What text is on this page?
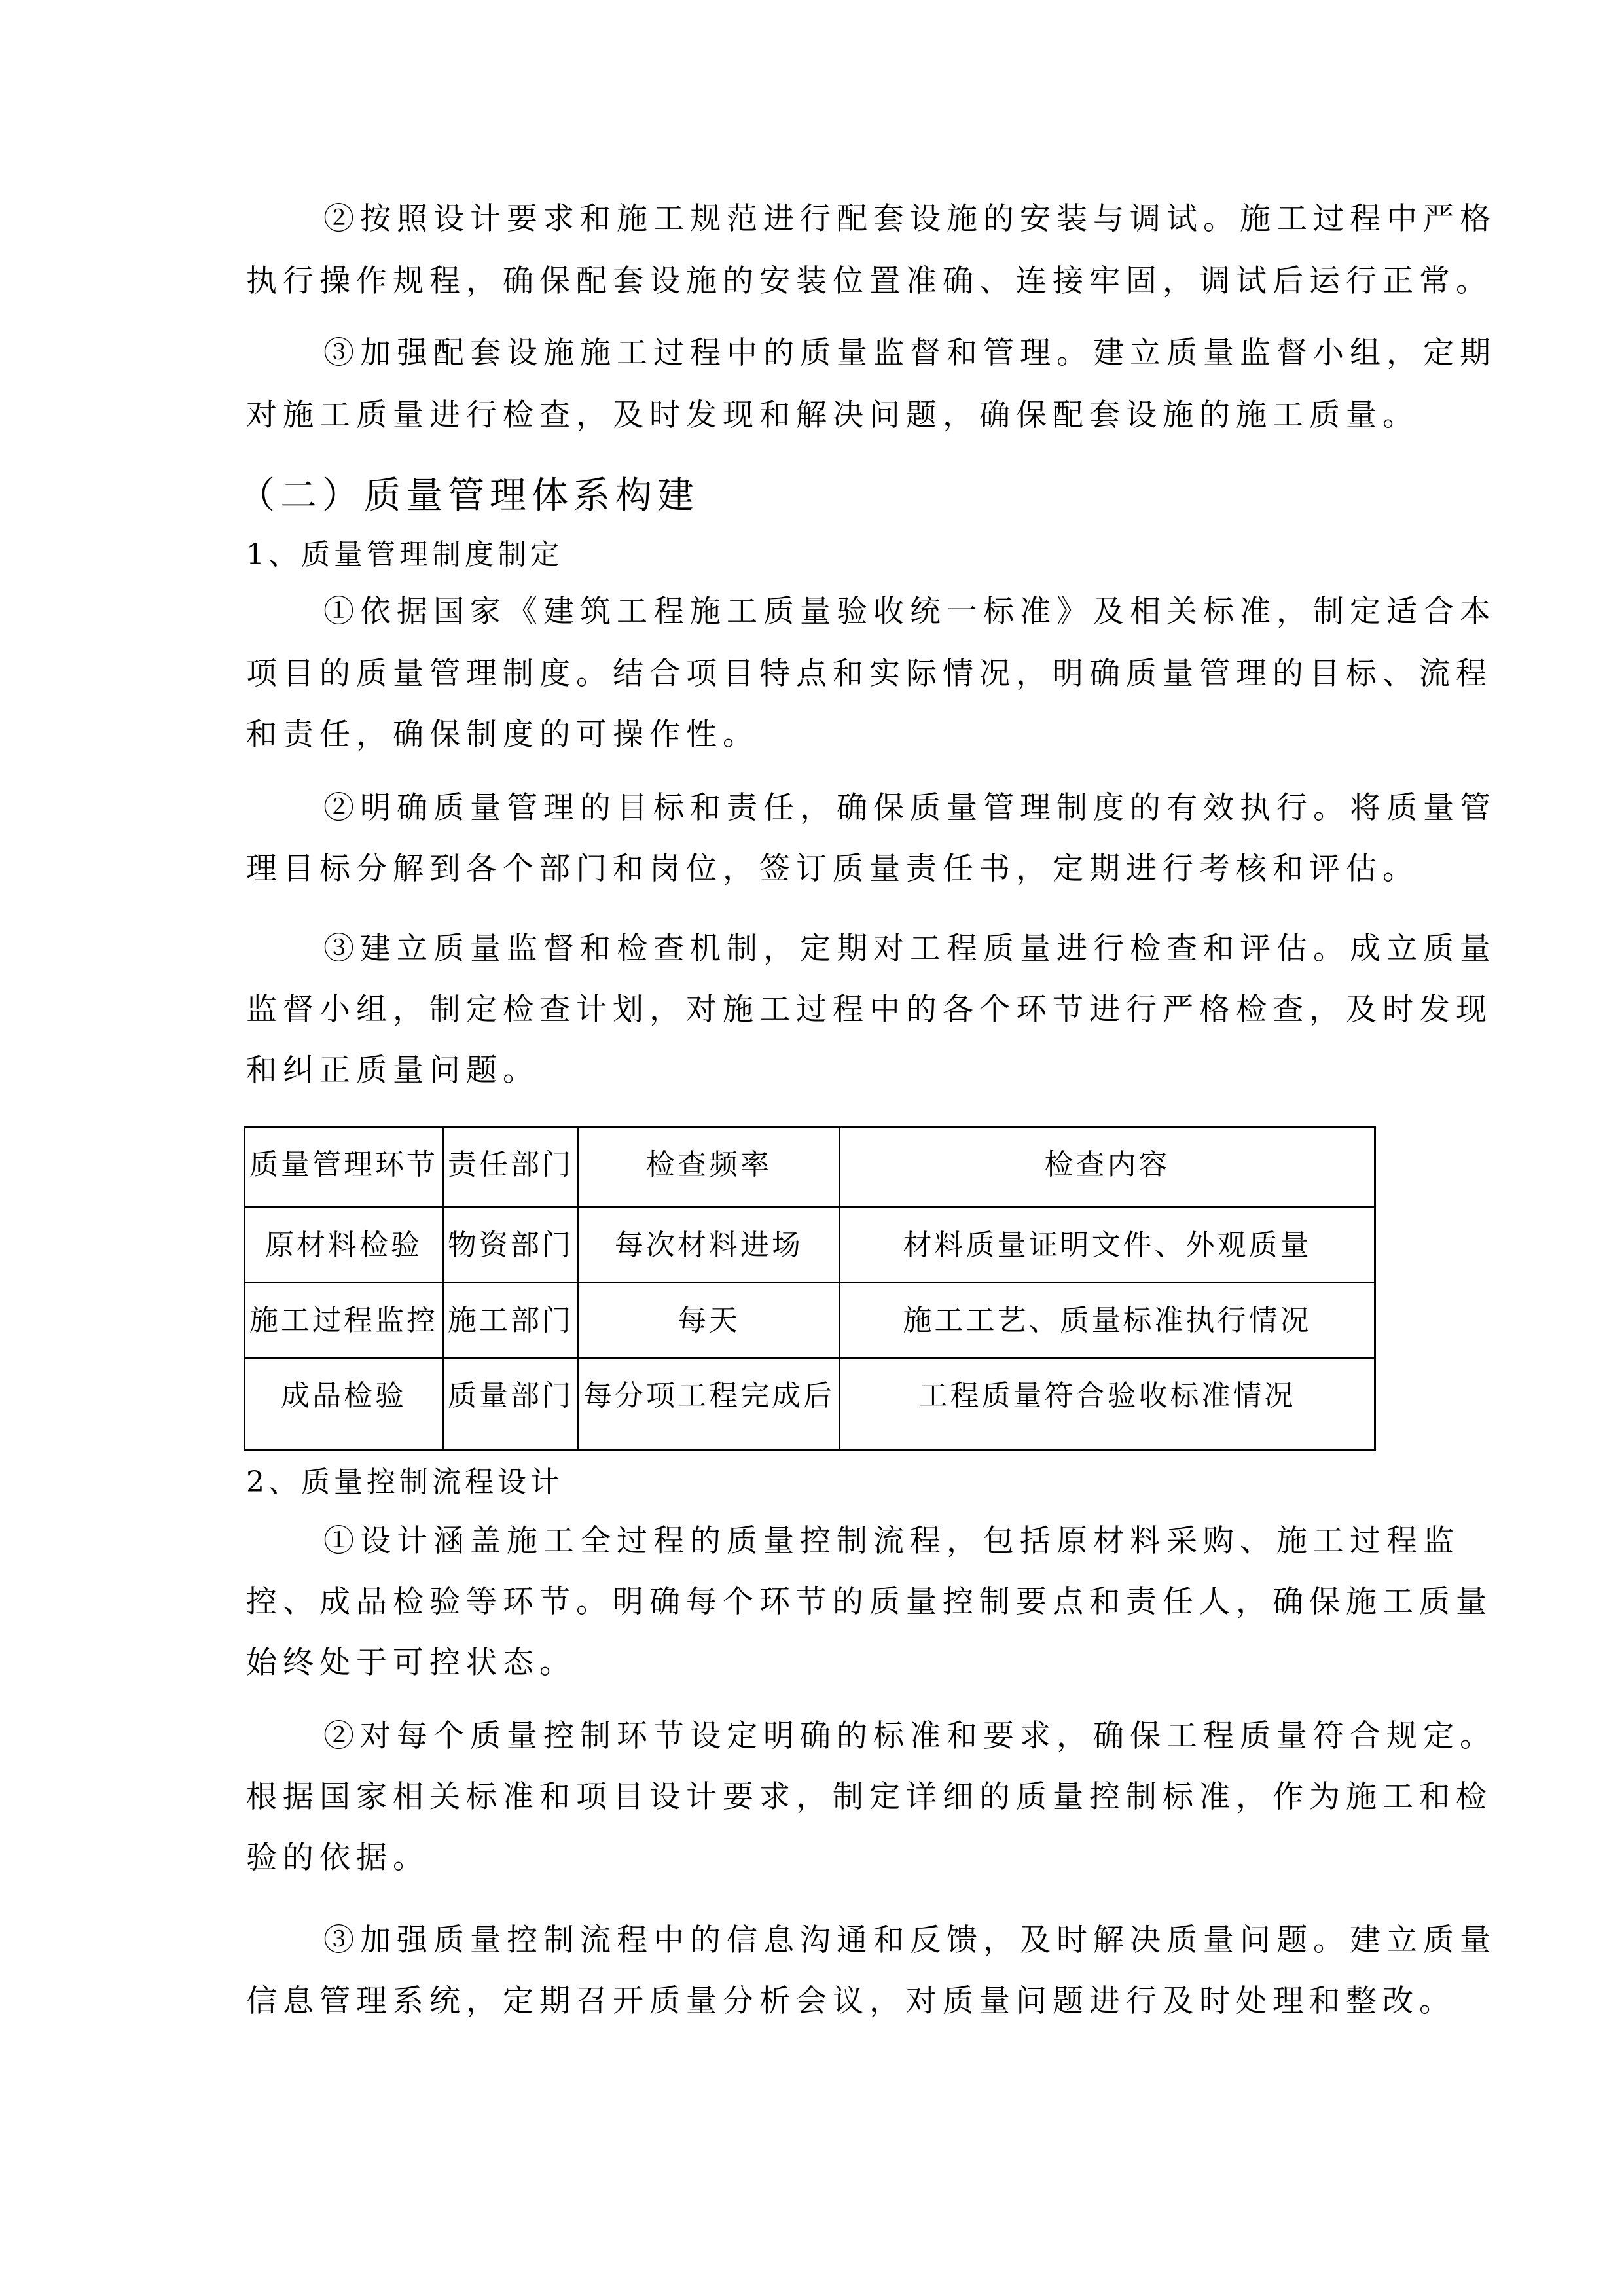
②按照设计要求和施工规范进行配套设施的安装与调试。施工过程中严格
执行操作规程，确保配套设施的安装位置准确、连接牢固，调试后运行正常。
③加强配套设施施工过程中的质量监督和管理。建立质量监督小组，定期
对施工质量进行检查，及时发现和解决问题，确保配套设施的施工质量。
（二）质量管理体系构建
1、质量管理制度制定
①依据国家《建筑工程施工质量验收统一标准》及相关标准，制定适合本
项目的质量管理制度。结合项目特点和实际情况，明确质量管理的目标、流程
和责任，确保制度的可操作性。
②明确质量管理的目标和责任，确保质量管理制度的有效执行。将质量管
理目标分解到各个部门和岗位，签订质量责任书，定期进行考核和评估。
③建立质量监督和检查机制，定期对工程质量进行检查和评估。成立质量
监督小组，制定检查计划，对施工过程中的各个环节进行严格检查，及时发现
和纠正质量问题。
质量管理环节	责任部门	检查频率	检查内容
原材料检验	物资部门	每次材料进场	材料质量证明文件、外观质量
施工过程监控	施工部门	每天	施工工艺、质量标准执行情况
成品检验	质量部门	每分项工程完成后	工程质量符合验收标准情况
2、质量控制流程设计
①设计涵盖施工全过程的质量控制流程，包括原材料采购、施工过程监
控、成品检验等环节。明确每个环节的质量控制要点和责任人，确保施工质量
始终处于可控状态。
②对每个质量控制环节设定明确的标准和要求，确保工程质量符合规定。
根据国家相关标准和项目设计要求，制定详细的质量控制标准，作为施工和检
验的依据。
③加强质量控制流程中的信息沟通和反馈，及时解决质量问题。建立质量
信息管理系统，定期召开质量分析会议，对质量问题进行及时处理和整改。
